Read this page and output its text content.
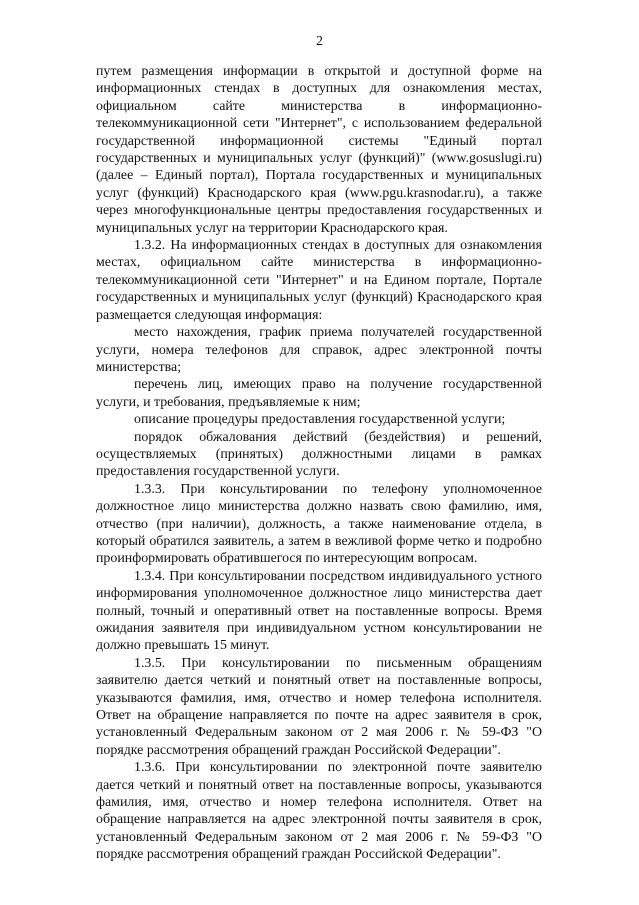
2

путем размещения информации в открытой и доступной форме на информационных стендах в доступных для ознакомления местах, официальном сайте министерства в информационно-телекоммуникационной сети "Интернет", с использованием федеральной государственной информационной системы "Единый портал государственных и муниципальных услуг (функций)" (www.gosuslugi.ru) (далее – Единый портал), Портала государственных и муниципальных услуг (функций) Краснодарского края (www.pgu.krasnodar.ru), а также через многофункциональные центры предоставления государственных и муниципальных услуг на территории Краснодарского края.

1.3.2. На информационных стендах в доступных для ознакомления местах, официальном сайте министерства в информационно-телекоммуникационной сети "Интернет" и на Едином портале, Портале государственных и муниципальных услуг (функций) Краснодарского края размещается следующая информация:

место нахождения, график приема получателей государственной услуги, номера телефонов для справок, адрес электронной почты министерства;

перечень лиц, имеющих право на получение государственной услуги, и требования, предъявляемые к ним;

описание процедуры предоставления государственной услуги;

порядок обжалования действий (бездействия) и решений, осуществляемых (принятых) должностными лицами в рамках предоставления государственной услуги.

1.3.3. При консультировании по телефону уполномоченное должностное лицо министерства должно назвать свою фамилию, имя, отчество (при наличии), должность, а также наименование отдела, в который обратился заявитель, а затем в вежливой форме четко и подробно проинформировать обратившегося по интересующим вопросам.

1.3.4. При консультировании посредством индивидуального устного информирования уполномоченное должностное лицо министерства дает полный, точный и оперативный ответ на поставленные вопросы. Время ожидания заявителя при индивидуальном устном консультировании не должно превышать 15 минут.

1.3.5. При консультировании по письменным обращениям заявителю дается четкий и понятный ответ на поставленные вопросы, указываются фамилия, имя, отчество и номер телефона исполнителя. Ответ на обращение направляется по почте на адрес заявителя в срок, установленный Федеральным законом от 2 мая 2006 г. № 59-ФЗ "О порядке рассмотрения обращений граждан Российской Федерации".

1.3.6. При консультировании по электронной почте заявителю дается четкий и понятный ответ на поставленные вопросы, указываются фамилия, имя, отчество и номер телефона исполнителя. Ответ на обращение направляется на адрес электронной почты заявителя в срок, установленный Федеральным законом от 2 мая 2006 г. № 59-ФЗ "О порядке рассмотрения обращений граждан Российской Федерации".
